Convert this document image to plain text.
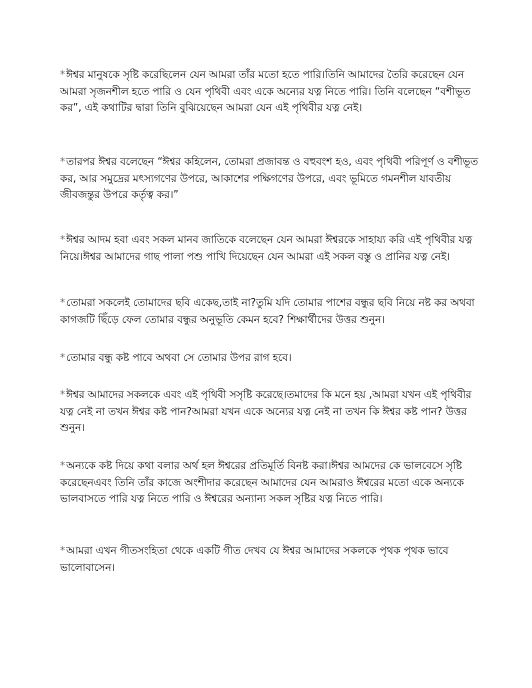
*ঈশ্বর মানুষকে সৃষ্টি করেছিলেন যেন আমরা তাঁর মতো হতে পারি।তিনি আমাদের তৈরি করেছেন যেন আমরা সৃজনশীল হতে পারি ও যেন পৃথিবী এবং একে অন্যের যত্ন নিতে পারি। তিনি বলেছেন “বশীভূত কর”, এই কথাটির দ্বারা তিনি বুঝিয়েছেন আমরা যেন এই পৃথিবীর যত্ন নেই।

*তারপর ঈশ্বর বলেছেন “ঈশ্বর কহিলেন, তোমরা প্রজাবন্ত ও বহুবংশ হও, এবং পৃথিবী পরিপূর্ণ ও বশীভূত কর, আর সমুদ্রের মৎস্যগণের উপরে, আকাশের পক্ষিগণের উপরে, এবং ভূমিতে গমনশীল যাবতীয় জীবজন্তুর উপরে কর্তৃত্ব কর।”

*ঈশ্বর আদম হবা এবং সকল মানব জাতিকে বলেছেন যেন আমরা ঈশ্বরকে সাহায্য করি এই পৃথিবীর যত্ন নিয়ে।ঈশ্বর আমাদের গাছ পালা পশু পাখি দিয়েছেন যেন আমরা এই সকল বস্তু ও প্রানির যত্ন নেই।

*তোমরা সকলেই তোমাদের ছবি একেছ,তাই না?তুমি যদি তোমার পাশের বন্ধুর ছবি নিয়ে নষ্ট কর অথবা কাগজটি ছিঁড়ে ফেল তোমার বন্ধুর অনুভূতি কেমন হবে? শিক্ষার্থীদের উত্তর শুনুন।

*তোমার বন্ধু কষ্ট পাবে অথবা সে তোমার উপর রাগ হবে।

*ঈশ্বর আমাদের সকলকে এবং এই পৃথিবী সসৃষ্টি করেছে।তমাদের কি মনে হয় ,আমরা যখন এই পৃথিবীর যত্ন নেই না তখন ঈশ্বর কষ্ট পান?আমরা যখন একে অন্যের যত্ন নেই না তখন কি ঈশ্বর কষ্ট পান? উত্তর শুনুন।

*অন্যকে কষ্ট দিয়ে কথা বলার অর্থ হল ঈশ্বরের প্রতিমূর্তি বিনষ্ট করা।ঈশ্বর আমদের কে ভালবেসে সৃষ্টি করেছেনএবং তিনি তাঁর কাজে অংশীদার করেছেন আমাদের যেন আমরাও ঈশ্বরের মতো একে অন্যকে ভালবাসতে পারি যত্ন নিতে পারি ও ঈশ্বরের অন্যান্য সকল সৃষ্টির যত্ন নিতে পারি।

*আমরা এখন গীতসংহিতা থেকে একটি গীত দেখব যে ঈশ্বর আমাদের সকলকে পৃথক পৃথক ভাবে ভালোবাসেন।
